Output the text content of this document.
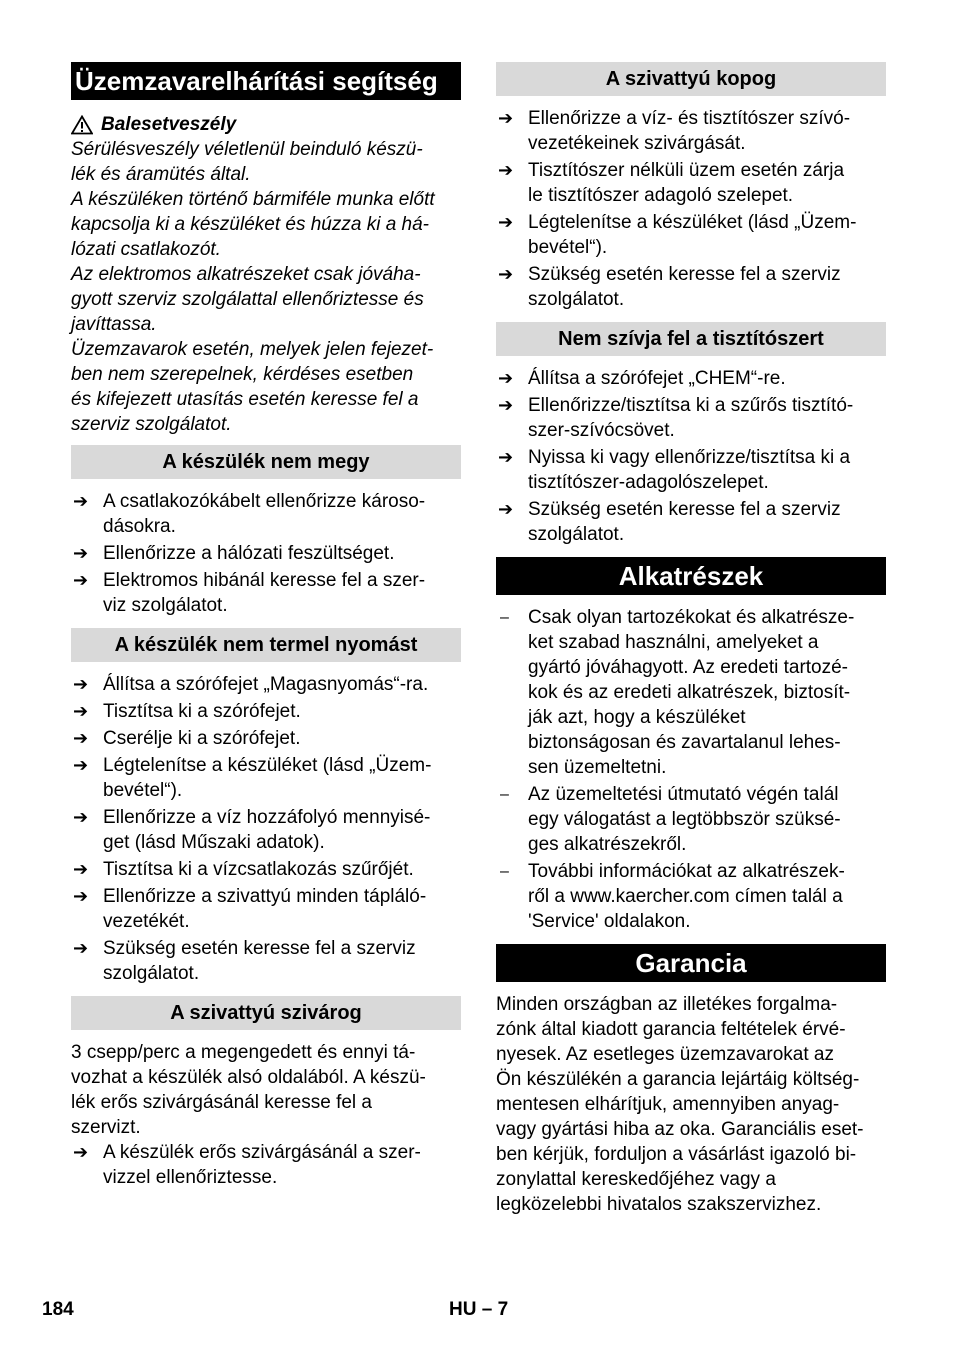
Üzemzavarelhárítási segítség
Balesetveszély

Sérülésveszély véletlenül beinduló készü-

lék és áramütés által.

A készüléken történő bármiféle munka előtt

kapcsolja ki a készüléket és húzza ki a há-

lózati csatlakozót.

Az elektromos alkatrészeket csak jóváha-

gyott szerviz szolgálattal ellenőriztesse és

javíttassa.

Üzemzavarok esetén, melyek jelen fejezet-

ben nem szerepelnek, kérdéses esetben

és kifejezett utasítás esetén keresse fel a

szerviz szolgálatot.

A készülék nem megy
➔ A csatlakozókábelt ellenőrizze károso-
dásokra.
➔ Ellenőrizze a hálózati feszültséget.
➔ Elektromos hibánál keresse fel a szer-
viz szolgálatot.
A készülék nem termel nyomást
➔ Állítsa a szórófejet „Magasnyomás“-ra.
➔ Tisztítsa ki a szórófejet.
➔ Cserélje ki a szórófejet.
➔ Légtelenítse a készüléket (lásd „Üzem-
bevétel“).
➔ Ellenőrizze a víz hozzáfolyó mennyisé-
get (lásd Műszaki adatok).
➔ Tisztítsa ki a vízcsatlakozás szűrőjét.
➔ Ellenőrizze a szivattyú minden tápláló-
vezetékét.
➔ Szükség esetén keresse fel a szerviz
szolgálatot.
A szivattyú szivárog

3 csepp/perc a megengedett és ennyi tá-

vozhat a készülék alsó oldalából. A készü-

lék erős szivárgásánál keresse fel a

szervizt.

➔ A készülék erős szivárgásánál a szer-
vizzel ellenőriztesse.
A szivattyú kopog
➔ Ellenőrizze a víz- és tisztítószer szívó-
vezetékeinek szivárgását.
➔ Tisztítószer nélküli üzem esetén zárja
le tisztítószer adagoló szelepet.
➔ Légtelenítse a készüléket (lásd „Üzem-
bevétel“).
➔ Szükség esetén keresse fel a szerviz
szolgálatot.
Nem szívja fel a tisztítószert
➔ Állítsa a szórófejet „CHEM“-re.
➔ Ellenőrizze/tisztítsa ki a szűrős tisztító-
szer-szívócsövet.
➔ Nyissa ki vagy ellenőrizze/tisztítsa ki a
tisztítószer-adagolószelepet.
➔ Szükség esetén keresse fel a szerviz
szolgálatot.
Alkatrészek
– Csak olyan tartozékokat és alkatrésze-
ket szabad használni, amelyeket a
gyártó jóváhagyott. Az eredeti tartozé-
kok és az eredeti alkatrészek, biztosít-
ják azt, hogy a készüléket
biztonságosan és zavartalanul lehes-
sen üzemeltetni.
– Az üzemeltetési útmutató végén talál
egy válogatást a legtöbbször szüksé-
ges alkatrészekről.
– További információkat az alkatrészek-
ről a www.kaercher.com címen talál a
'Service' oldalakon.
Garancia

Minden országban az illetékes forgalma-

zónk által kiadott garancia feltételek érvé-

nyesek. Az esetleges üzemzavarokat az

Ön készülékén a garancia lejártáig költség-

mentesen elhárítjuk, amennyiben anyag-

vagy gyártási hiba az oka. Garanciális eset-

ben kérjük, forduljon a vásárlást igazoló bi-

zonylattal kereskedőjéhez vagy a

legközelebbi hivatalos szakszervizhez.

184	HU – 7
